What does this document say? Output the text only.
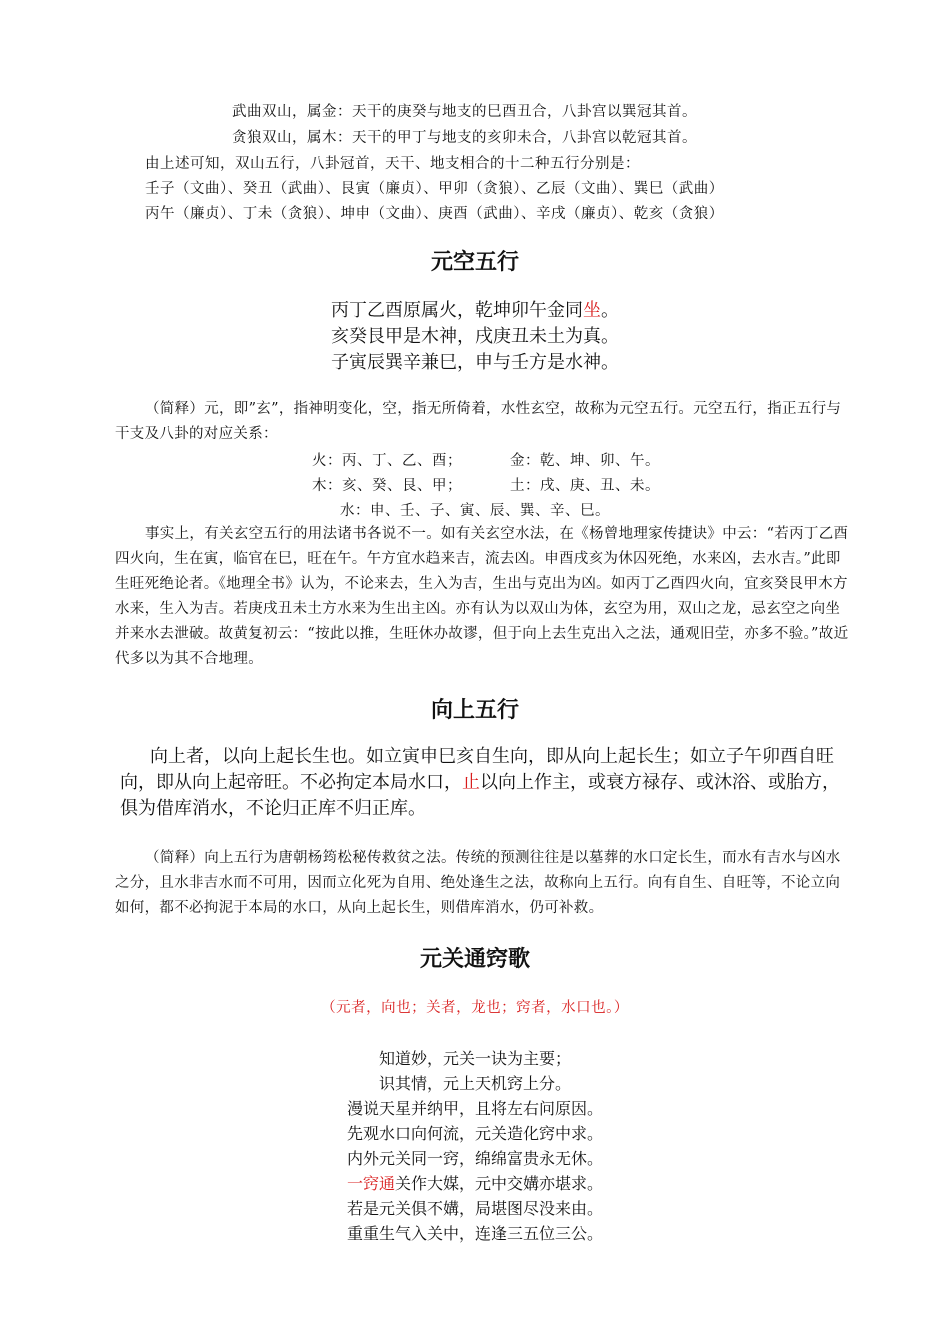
武曲双山，属金：天干的庚癸与地支的巳酉丑合，八卦宫以巽冠其首。
贪狼双山，属木：天干的甲丁与地支的亥卯未合，八卦宫以乾冠其首。
由上述可知，双山五行，八卦冠首，天干、地支相合的十二种五行分别是：
壬子（文曲）、癸丑（武曲）、艮寅（廉贞）、甲卯（贪狼）、乙辰（文曲）、巽巳（武曲）
丙午（廉贞）、丁未（贪狼）、坤申（文曲）、庚酉（武曲）、辛戌（廉贞）、乾亥（贪狼）
元空五行
丙丁乙酉原属火，乾坤卯午金同坐。
亥癸艮甲是木神，戌庚丑未土为真。
子寅辰巽辛兼巳，申与壬方是水神。
（简释）元，即”玄”，指神明变化，空，指无所倚着，水性玄空，故称为元空五行。元空五行，指正五行与干支及八卦的对应关系：
火：丙、丁、乙、酉；	金：乾、坤、卯、午。
木：亥、癸、艮、甲；	土：戌、庚、丑、未。
水：申、壬、子、寅、辰、巽、辛、巳。
事实上，有关玄空五行的用法诸书各说不一。如有关玄空水法，在《杨曾地理家传捷诀》中云：“若丙丁乙酉四火向，生在寅，临官在巳，旺在午。午方宜水趋来吉，流去凶。申酉戌亥为休囚死绝，水来凶，去水吉。”此即生旺死绝论者。《地理全书》认为，不论来去，生入为吉，生出与克出为凶。如丙丁乙酉四火向，宜亥癸艮甲木方水来，生入为吉。若庚戌丑未土方水来为生出主凶。亦有认为以双山为体，玄空为用，双山之龙，忌玄空之向坐并来水去泄破。故黄复初云：“按此以推，生旺休办故谬，但于向上去生克出入之法，通观旧茔，亦多不验。”故近代多以为其不合地理。
向上五行
向上者，以向上起长生也。如立寅申巳亥自生向，即从向上起长生；如立子午卯酉自旺向，即从向上起帝旺。不必拘定本局水口，止以向上作主，或衰方禄存、或沐浴、或胎方，俱为借库消水，不论归正库不归正库。
（简释）向上五行为唐朝杨筠松秘传救贫之法。传统的预测往往是以墓葬的水口定长生，而水有吉水与凶水之分，且水非吉水而不可用，因而立化死为自用、绝处逢生之法，故称向上五行。向有自生、自旺等，不论立向如何，都不必拘泥于本局的水口，从向上起长生，则借库消水，仍可补救。
元关通窍歌
（元者，向也；关者，龙也；窍者，水口也。）
知道妙，元关一诀为主要；
识其情，元上天机窍上分。
漫说天星并纳甲，且将左右问原因。
先观水口向何流，元关造化窍中求。
内外元关同一窍，绵绵富贵永无休。
一窍通关作大媒，元中交媾亦堪求。
若是元关俱不媾，局堪图尽没来由。
重重生气入关中，连逢三五位三公。
